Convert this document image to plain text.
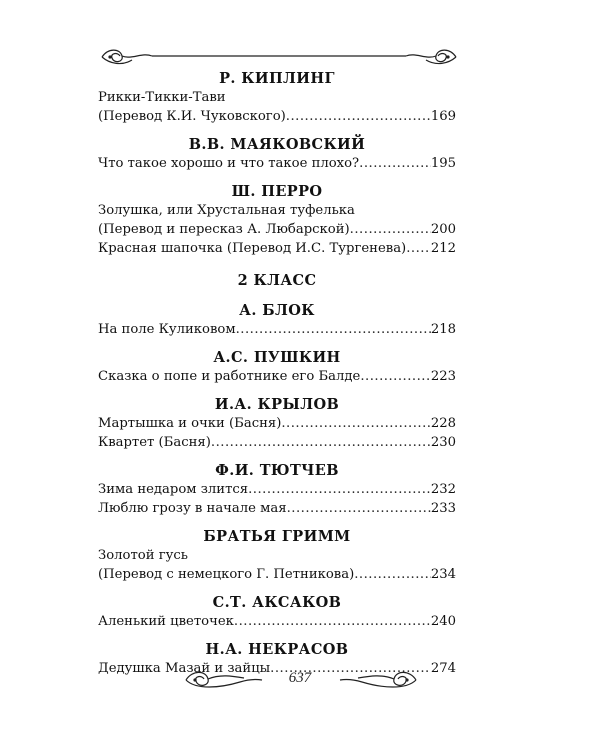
Р. КИПЛИНГ

Рикки-Тикки-Тави
(Перевод К.И. Чуковского) .....	169

В.В. МАЯКОВСКИЙ

Что такое хорошо и что такое плохо? .....	195

Ш. ПЕРРО

Золушка, или Хрустальная туфелька
(Перевод и пересказ А. Любарской) .....	200
Красная шапочка (Перевод И.С. Тургенева) ..... 212

2 КЛАСС

А. БЛОК

На поле Куликовом .....	218

А.С. ПУШКИН

Сказка о попе и работнике его Балде .....	223

И.А. КРЫЛОВ

Мартышка и очки (Басня) .....	228
Квартет (Басня) .....	230

Ф.И. ТЮТЧЕВ

Зима недаром злится .....	232
Люблю грозу в начале мая .....	233

БРАТЬЯ ГРИММ

Золотой гусь
(Перевод с немецкого Г. Петникова) .....	234

С.Т. АКСАКОВ

Аленький цветочек .....	240

Н.А. НЕКРАСОВ

Дедушка Мазай и зайцы .....	274
637
